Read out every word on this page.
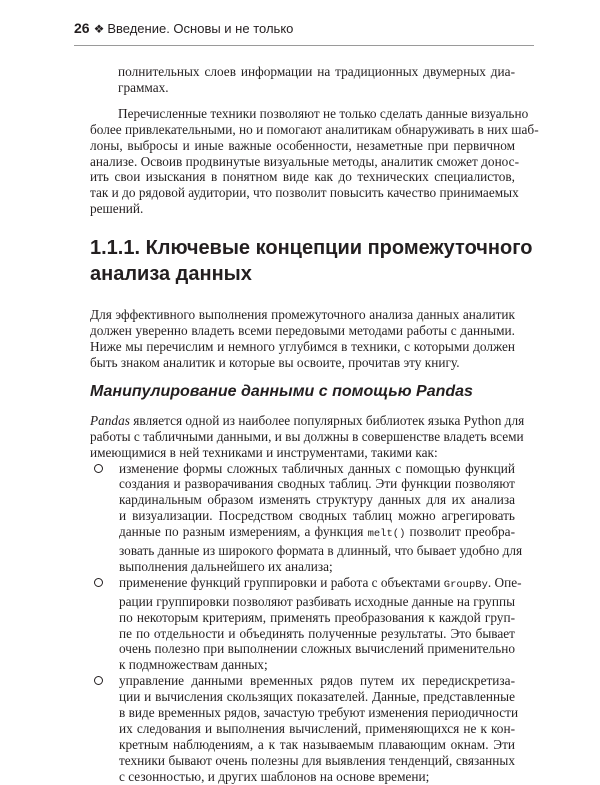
26 ❖ Введение. Основы и не только
полнительных слоев информации на традиционных двумерных диа-
граммах.
Перечисленные техники позволяют не только сделать данные визуально
более привлекательными, но и помогают аналитикам обнаруживать в них шаб-
лоны, выбросы и иные важные особенности, незаметные при первичном
анализе. Освоив продвинутые визуальные методы, аналитик сможет донос-
ить свои изыскания в понятном виде как до технических специалистов,
так и до рядовой аудитории, что позволит повысить качество принимаемых
решений.
1.1.1. Ключевые концепции промежуточного
анализа данных
Для эффективного выполнения промежуточного анализа данных аналитик
должен уверенно владеть всеми передовыми методами работы с данными.
Ниже мы перечислим и немного углубимся в техники, с которыми должен
быть знаком аналитик и которые вы освоите, прочитав эту книгу.
Манипулирование данными с помощью Pandas
Pandas является одной из наиболее популярных библиотек языка Python для
работы с табличными данными, и вы должны в совершенстве владеть всеми
имеющимися в ней техниками и инструментами, такими как:
изменение формы сложных табличных данных с помощью функций
создания и разворачивания сводных таблиц. Эти функции позволяют
кардинальным образом изменять структуру данных для их анализа
и визуализации. Посредством сводных таблиц можно агрегировать
данные по разным измерениям, а функция melt() позволит преобра-
зовать данные из широкого формата в длинный, что бывает удобно для
выполнения дальнейшего их анализа;
применение функций группировки и работа с объектами GroupBy. Опе-
рации группировки позволяют разбивать исходные данные на группы
по некоторым критериям, применять преобразования к каждой груп-
пе по отдельности и объединять полученные результаты. Это бывает
очень полезно при выполнении сложных вычислений применительно
к подмножествам данных;
управление данными временных рядов путем их передискретиза-
ции и вычисления скользящих показателей. Данные, представленные
в виде временных рядов, зачастую требуют изменения периодичности
их следования и выполнения вычислений, применяющихся не к кон-
кретным наблюдениям, а к так называемым плавающим окнам. Эти
техники бывают очень полезны для выявления тенденций, связанных
с сезонностью, и других шаблонов на основе времени;
